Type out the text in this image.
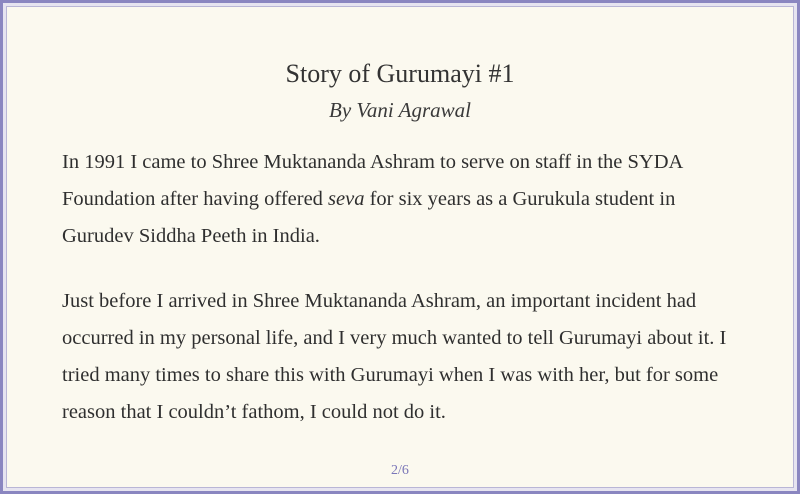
Story of Gurumayi #1
By Vani Agrawal

In 1991 I came to Shree Muktananda Ashram to serve on staff in the SYDA Foundation after having offered seva for six years as a Gurukula student in Gurudev Siddha Peeth in India.

Just before I arrived in Shree Muktananda Ashram, an important incident had occurred in my personal life, and I very much wanted to tell Gurumayi about it. I tried many times to share this with Gurumayi when I was with her, but for some reason that I couldn’t fathom, I could not do it.

2/6
